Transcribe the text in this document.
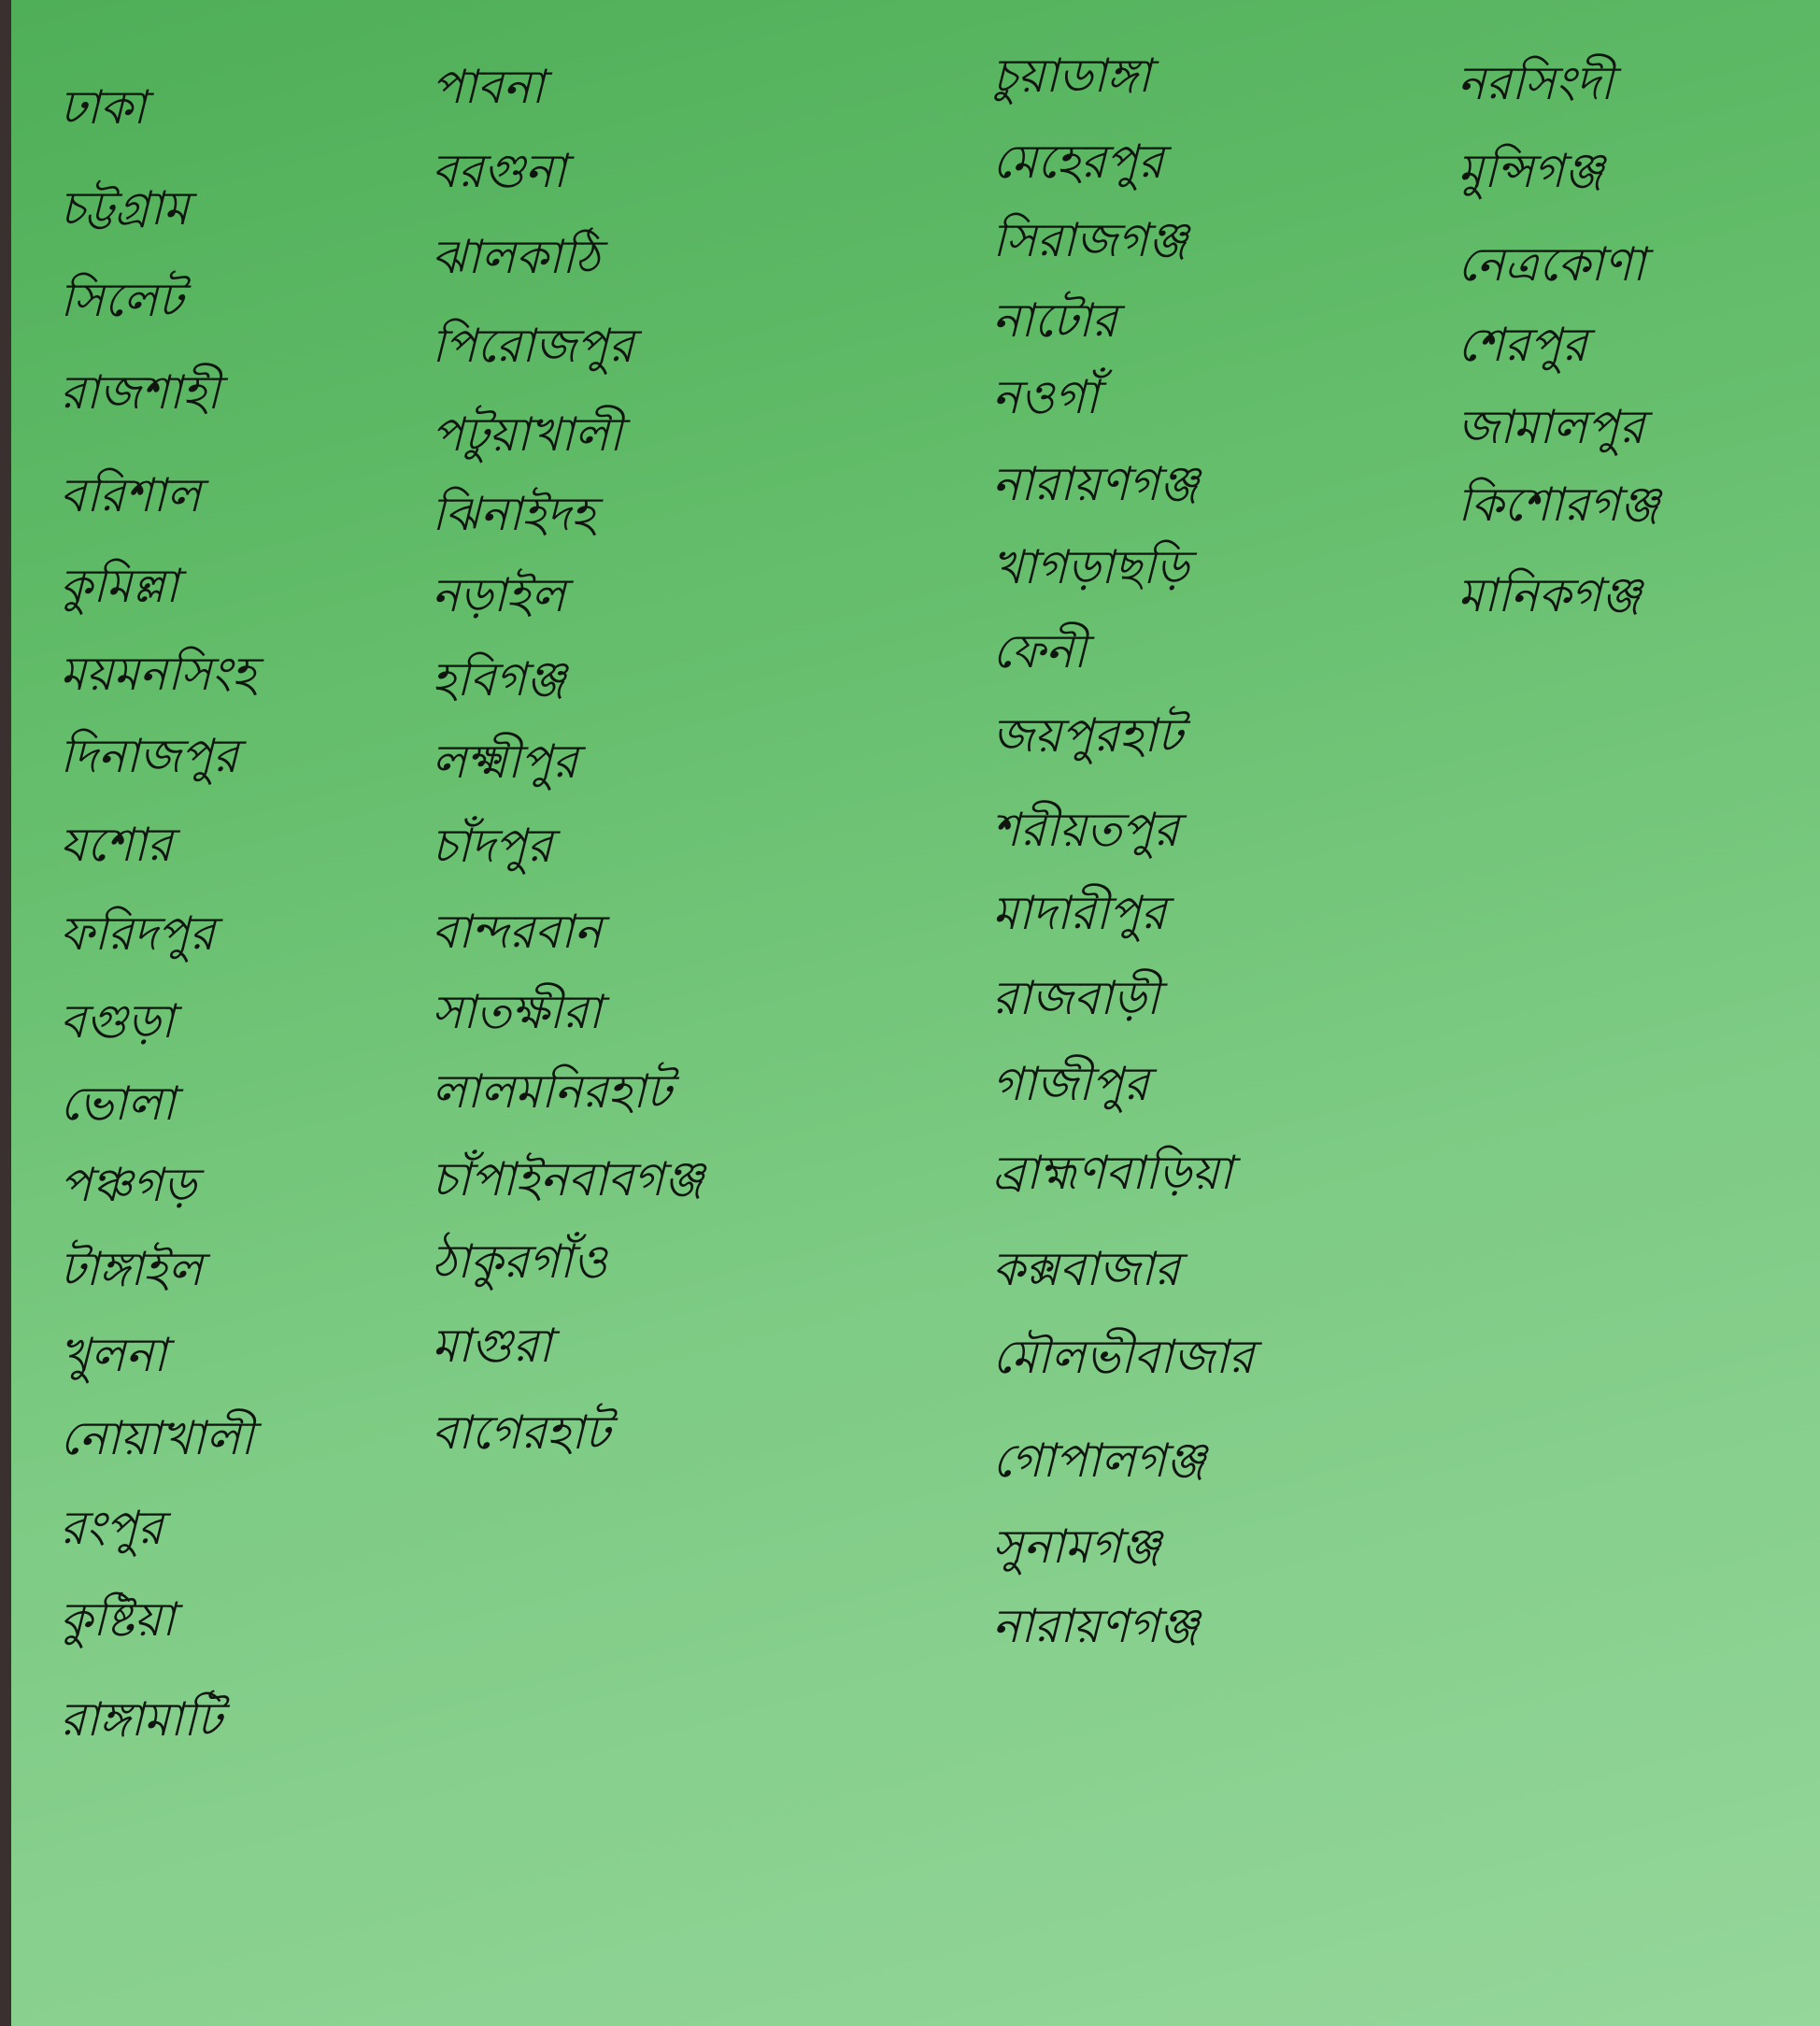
ঢাকা

চট্টগ্রাম

সিলেট

রাজশাহী

বরিশাল

কুমিল্লা

ময়মনসিংহ

দিনাজপুর

যশোর

ফরিদপুর

বগুড়া

ভোলা

পঞ্চগড়

টাঙ্গাইল

খুলনা

নোয়াখালী

রংপুর

কুষ্টিয়া

রাঙ্গামাটি

পাবনা

বরগুনা

ঝালকাঠি

পিরোজপুর

পটুয়াখালী

ঝিনাইদহ

নড়াইল

হবিগঞ্জ

লক্ষ্মীপুর

চাঁদপুর

বান্দরবান

সাতক্ষীরা

লালমনিরহাট

চাঁপাইনবাবগঞ্জ

ঠাকুরগাঁও

মাগুরা

বাগেরহাট

চুয়াডাঙ্গা

মেহেরপুর

সিরাজগঞ্জ

নাটোর

নওগাঁ

নারায়ণগঞ্জ

খাগড়াছড়ি

ফেনী

জয়পুরহাট

শরীয়তপুর

মাদারীপুর

রাজবাড়ী

গাজীপুর

ব্রাহ্মণবাড়িয়া

কক্সবাজার

মৌলভীবাজার

গোপালগঞ্জ

সুনামগঞ্জ

নারায়ণগঞ্জ

নরসিংদী

মুন্সিগঞ্জ

নেত্রকোণা

শেরপুর

জামালপুর

কিশোরগঞ্জ

মানিকগঞ্জ
